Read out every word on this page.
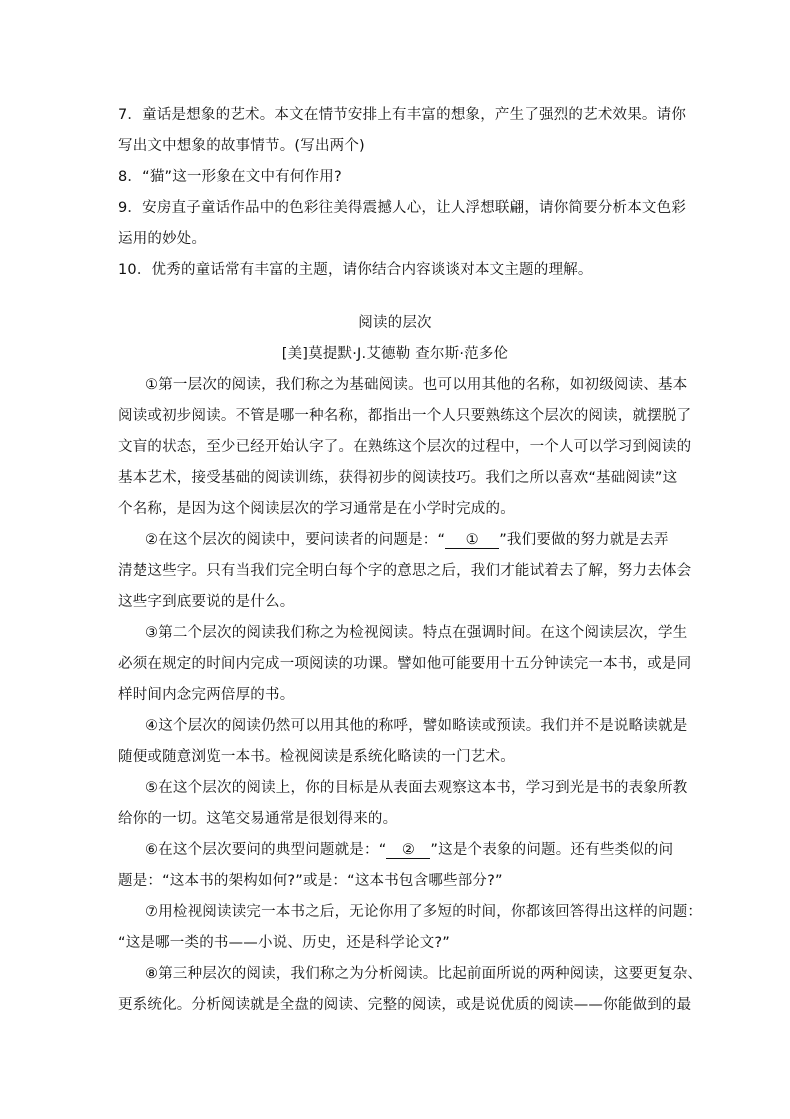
7．童话是想象的艺术。本文在情节安排上有丰富的想象，产生了强烈的艺术效果。请你
写出文中想象的故事情节。(写出两个)
8．“猫”这一形象在文中有何作用?
9．安房直子童话作品中的色彩往美得震撼人心，让人浮想联翩，请你简要分析本文色彩
运用的妙处。
10．优秀的童话常有丰富的主题，请你结合内容谈谈对本文主题的理解。
阅读的层次
[美]莫提默·J.艾德勒 查尔斯·范多伦
①第一层次的阅读，我们称之为基础阅读。也可以用其他的名称，如初级阅读、基本
阅读或初步阅读。不管是哪一种名称，都指出一个人只要熟练这个层次的阅读，就摆脱了
文盲的状态，至少已经开始认字了。在熟练这个层次的过程中，一个人可以学习到阅读的
基本艺术，接受基础的阅读训练，获得初步的阅读技巧。我们之所以喜欢“基础阅读”这
个名称，是因为这个阅读层次的学习通常是在小学时完成的。
②在这个层次的阅读中，要问读者的问题是：“ ① ”我们要做的努力就是去弄
清楚这些字。只有当我们完全明白每个字的意思之后，我们才能试着去了解，努力去体会
这些字到底要说的是什么。
③第二个层次的阅读我们称之为检视阅读。特点在强调时间。在这个阅读层次，学生
必须在规定的时间内完成一项阅读的功课。譬如他可能要用十五分钟读完一本书，或是同
样时间内念完两倍厚的书。
④这个层次的阅读仍然可以用其他的称呼，譬如略读或预读。我们并不是说略读就是
随便或随意浏览一本书。检视阅读是系统化略读的一门艺术。
⑤在这个层次的阅读上，你的目标是从表面去观察这本书，学习到光是书的表象所教
给你的一切。这笔交易通常是很划得来的。
⑥在这个层次要问的典型问题就是：“ ② ”这是个表象的问题。还有些类似的问
题是：“这本书的架构如何?”或是：“这本书包含哪些部分?”
⑦用检视阅读读完一本书之后，无论你用了多短的时间，你都该回答得出这样的问题：
“这是哪一类的书——小说、历史，还是科学论文?”
⑧第三种层次的阅读，我们称之为分析阅读。比起前面所说的两种阅读，这要更复杂、
更系统化。分析阅读就是全盘的阅读、完整的阅读，或是说优质的阅读——你能做到的最
